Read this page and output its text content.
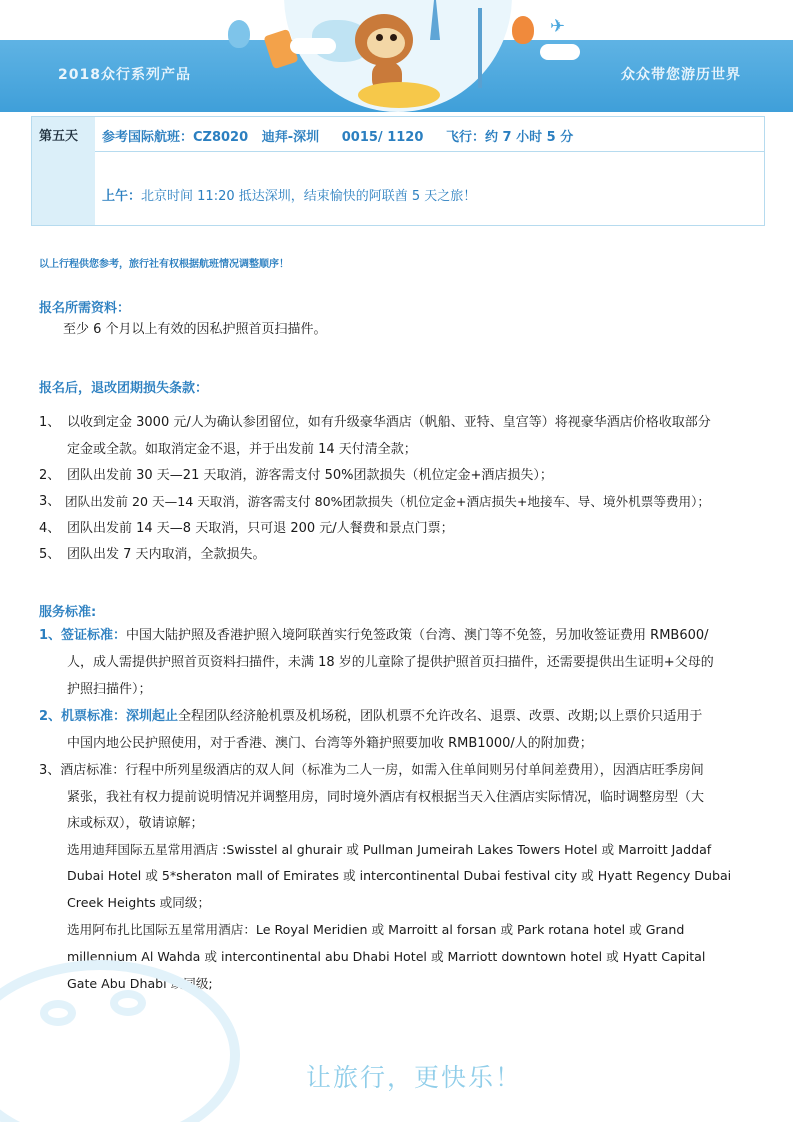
✈
2018众行系列产品	众众带您游历世界
第五天 参考国际航班：CZ8020   迪拜-深圳     0015/ 1120     飞行：约 7 小时 5 分
上午：北京时间 11:20 抵达深圳，结束愉快的阿联酋 5 天之旅！
以上行程供您参考，旅行社有权根据航班情况调整顺序！
报名所需资料：
至少 6 个月以上有效的因私护照首页扫描件。
报名后，退改团期损失条款：
1、 以收到定金 3000 元/人为确认参团留位，如有升级豪华酒店（帆船、亚特、皇宫等）将视豪华酒店价格收取部分
定金或全款。如取消定金不退，并于出发前 14 天付清全款；
2、 团队出发前 30 天—21 天取消，游客需支付 50%团款损失（机位定金+酒店损失）；
3、 团队出发前 20 天—14 天取消，游客需支付 80%团款损失（机位定金+酒店损失+地接车、导、境外机票等费用）；
4、 团队出发前 14 天—8 天取消，只可退 200 元/人餐费和景点门票；
5、 团队出发 7 天内取消，全款损失。
服务标准:
1、签证标准：中国大陆护照及香港护照入境阿联酋实行免签政策（台湾、澳门等不免签，另加收签证费用 RMB600/
人，成人需提供护照首页资料扫描件，未满 18 岁的儿童除了提供护照首页扫描件，还需要提供出生证明+父母的
护照扫描件）；
2、机票标准：深圳起止全程团队经济舱机票及机场税，团队机票不允许改名、退票、改票、改期;以上票价只适用于
中国内地公民护照使用，对于香港、澳门、台湾等外籍护照要加收 RMB1000/人的附加费；
3、酒店标准：行程中所列星级酒店的双人间（标准为二人一房，如需入住单间则另付单间差费用），因酒店旺季房间
紧张，我社有权力提前说明情况并调整用房，同时境外酒店有权根据当天入住酒店实际情况，临时调整房型（大
床或标双），敬请谅解；
选用迪拜国际五星常用酒店 :Swisstel al ghurair 或 Pullman Jumeirah Lakes Towers Hotel 或 Marroitt Jaddaf
Dubai Hotel 或 5*sheraton mall of Emirates 或 intercontinental Dubai festival city 或 Hyatt Regency Dubai
Creek Heights 或同级；
选用阿布扎比国际五星常用酒店：Le Royal Meridien 或 Marroitt al forsan 或 Park rotana hotel 或 Grand
millennium Al Wahda 或 intercontinental abu Dhabi Hotel 或 Marriott downtown hotel 或 Hyatt Capital
Gate Abu Dhabi 或同级;
让旅行，更快乐！
